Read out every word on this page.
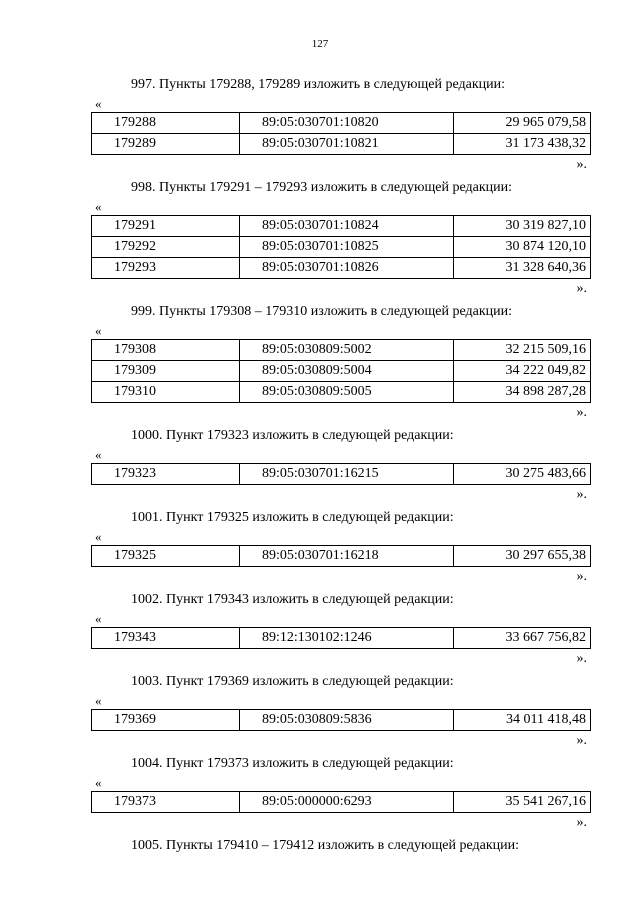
127
997. Пункты 179288, 179289 изложить в следующей редакции:
«
179288	89:05:030701:10820	29 965 079,58
179289	89:05:030701:10821	31 173 438,32
».
998. Пункты 179291 – 179293 изложить в следующей редакции:
«
179291	89:05:030701:10824	30 319 827,10
179292	89:05:030701:10825	30 874 120,10
179293	89:05:030701:10826	31 328 640,36
».
999. Пункты 179308 – 179310 изложить в следующей редакции:
«
179308	89:05:030809:5002	32 215 509,16
179309	89:05:030809:5004	34 222 049,82
179310	89:05:030809:5005	34 898 287,28
».
1000. Пункт 179323 изложить в следующей редакции:
«
179323	89:05:030701:16215	30 275 483,66
».
1001. Пункт 179325 изложить в следующей редакции:
«
179325	89:05:030701:16218	30 297 655,38
».
1002. Пункт 179343 изложить в следующей редакции:
«
179343	89:12:130102:1246	33 667 756,82
».
1003. Пункт 179369 изложить в следующей редакции:
«
179369	89:05:030809:5836	34 011 418,48
».
1004. Пункт 179373 изложить в следующей редакции:
«
179373	89:05:000000:6293	35 541 267,16
».
1005. Пункты 179410 – 179412 изложить в следующей редакции:
